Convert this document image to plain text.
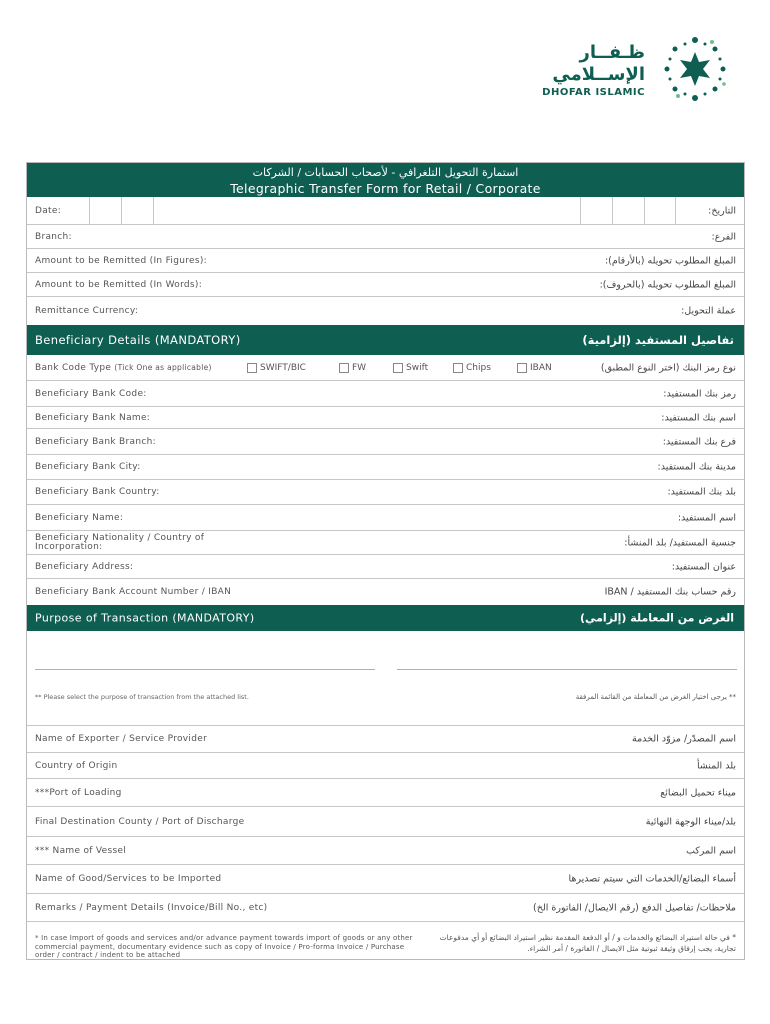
ظـفــار الإســلامي
DHOFAR ISLAMIC
استمارة التحويل التلغرافي - لأصحاب الحسابات / الشركات
Telegraphic Transfer Form for Retail / Corporate
Date:	التاريخ:
Branch:	الفرع:
Amount to be Remitted (In Figures):	المبلغ المطلوب تحويله (بالأرقام):
Amount to be Remitted (In Words):	المبلغ المطلوب تحويله (بالحروف):
Remittance Currency:	عملة التحويل:
Beneficiary Details (MANDATORY)	تفاصيل المستفيد (إلزامية)
Bank Code Type (Tick One as applicable)	SWIFT/BIC	FW	Swift	Chips	IBAN	نوع رمز البنك (اختر النوع المطبق)
Beneficiary Bank Code:	رمز بنك المستفيد:
Beneficiary Bank Name:	اسم بنك المستفيد:
Beneficiary Bank Branch:	فرع بنك المستفيد:
Beneficiary Bank City:	مدينة بنك المستفيد:
Beneficiary Bank Country:	بلد بنك المستفيد:
Beneficiary Name:	اسم المستفيد:
Beneficiary Nationality / Country of Incorporation:	جنسية المستفيد/ بلد المنشأ:
Beneficiary Address:	عنوان المستفيد:
Beneficiary Bank Account Number / IBAN	رقم حساب بنك المستفيد / IBAN
Purpose of Transaction (MANDATORY)	الغرض من المعاملة (إلزامي)
** Please select the purpose of transaction from the attached list.	** يرجى اختيار الغرض من المعاملة من القائمة المرفقة
Name of Exporter / Service Provider	اسم المصدّر/ مزوّد الخدمة
Country of Origin	بلد المنشأ
***Port of Loading	ميناء تحميل البضائع
Final Destination County / Port of Discharge	بلد/ميناء الوجهة النهائية
*** Name of Vessel	اسم المركب
Name of Good/Services to be Imported	أسماء البضائع/الخدمات التي سيتم تصديرها
Remarks / Payment Details (Invoice/Bill No., etc)	ملاحظات/ تفاصيل الدفع (رقم الايصال/ الفاتورة الخ)
* In case Import of goods and services and/or advance payment towards import of goods or any other commercial payment, documentary evidence such as copy of Invoice / Pro-forma Invoice / Purchase order / contract / indent to be attached
* في حالة استيراد البضائع والخدمات و / أو الدفعة المقدمة نظير استيراد البضائع أو أي مدفوعات تجارية، يجب إرفاق وثيقة ثبوتية مثل الايصال / الفاتورة / أمر الشراء.
